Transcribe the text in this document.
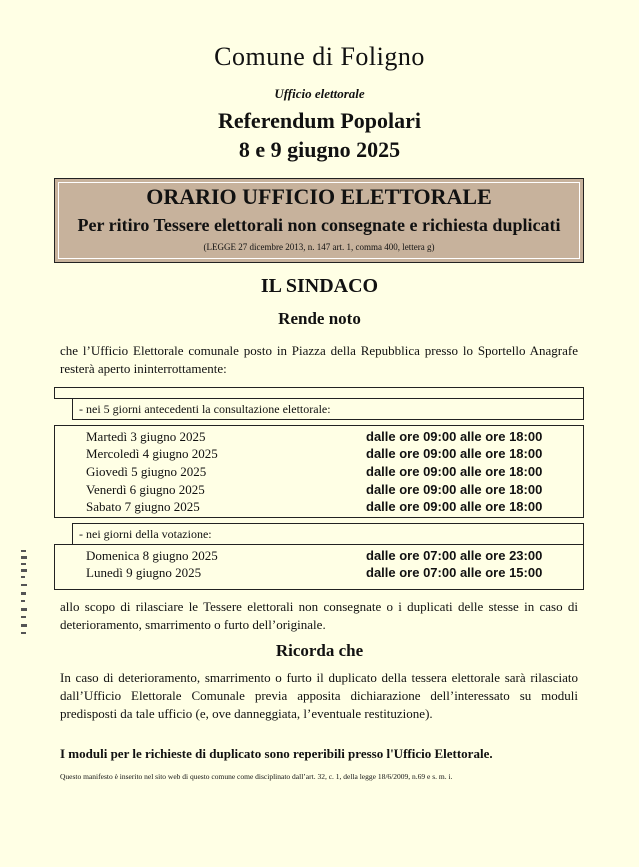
Comune di Foligno
Ufficio elettorale
Referendum Popolari
8 e 9 giugno 2025
ORARIO UFFICIO ELETTORALE
Per ritiro Tessere elettorali non consegnate e richiesta duplicati
(LEGGE 27 dicembre 2013, n. 147 art. 1, comma 400, lettera g)
IL SINDACO
Rende noto
che l’Ufficio Elettorale comunale posto in Piazza della Repubblica presso lo Sportello Anagrafe resterà aperto ininterrottamente:
- nei 5 giorni antecedenti la consultazione elettorale:
Martedì 3 giugno 2025	dalle ore 09:00 alle ore 18:00
Mercoledì 4 giugno 2025	dalle ore 09:00 alle ore 18:00
Giovedì 5 giugno 2025	dalle ore 09:00 alle ore 18:00
Venerdì 6 giugno 2025	dalle ore 09:00 alle ore 18:00
Sabato 7 giugno 2025	dalle ore 09:00 alle ore 18:00
- nei giorni della votazione:
Domenica 8 giugno 2025	dalle ore 07:00 alle ore 23:00
Lunedì 9 giugno 2025	dalle ore 07:00 alle ore 15:00
allo scopo di rilasciare le Tessere elettorali non consegnate o i duplicati delle stesse in caso di deterioramento, smarrimento o furto dell’originale.
Ricorda che
In caso di deterioramento, smarrimento o furto il duplicato della tessera elettorale sarà rilasciato dall’Ufficio Elettorale Comunale previa apposita dichiarazione dell’interessato su moduli predisposti da tale ufficio (e, ove danneggiata, l’eventuale restituzione).
I moduli per le richieste di duplicato sono reperibili presso l'Ufficio Elettorale.
Questo manifesto è inserito nel sito web di questo comune come disciplinato dall’art. 32, c. 1, della legge 18/6/2009, n.69 e s. m. i.
